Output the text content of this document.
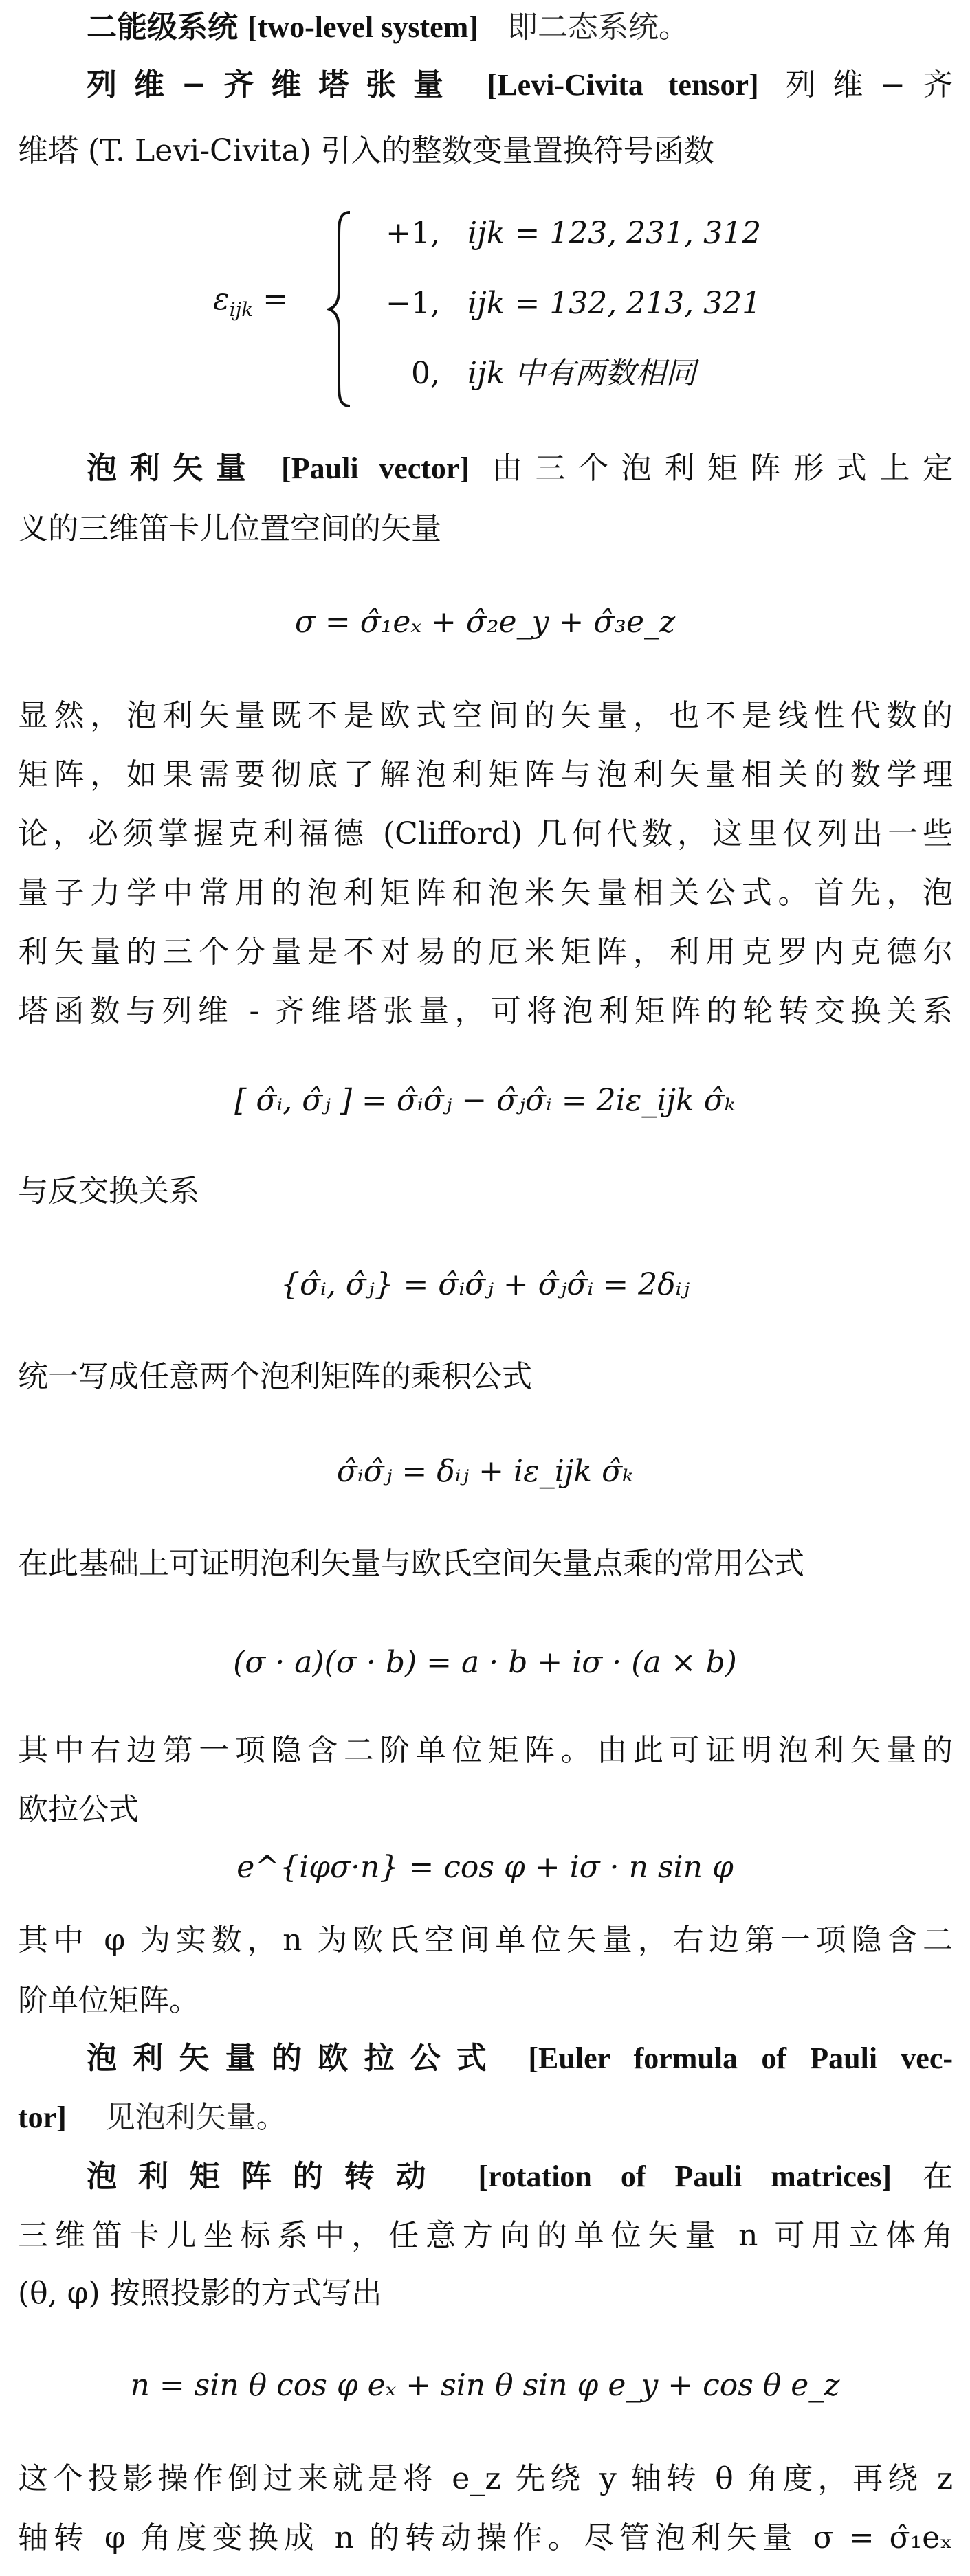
二能级系统 [two-level system] 即二态系统。
列维−齐维塔张量 [Levi-Civita tensor] 列维−齐
维塔 (T. Levi-Civita) 引入的整数变量置换符号函数
$\varepsilon_{ijk}$ =
+1, ijk = 123, 231, 312
−1, ijk = 132, 213, 321
0, ijk 中有两数相同
泡利矢量 [Pauli vector] 由三个泡利矩阵形式上定
义的三维笛卡儿位置空间的矢量
σ = σ̂₁eₓ + σ̂₂e_y + σ̂₃e_z
显然，泡利矢量既不是欧式空间的矢量，也不是线性代数的
矩阵，如果需要彻底了解泡利矩阵与泡利矢量相关的数学理
论，必须掌握克利福德 (Clifford) 几何代数，这里仅列出一些
量子力学中常用的泡利矩阵和泡米矢量相关公式。首先，泡
利矢量的三个分量是不对易的厄米矩阵，利用克罗内克德尔
塔函数与列维 - 齐维塔张量，可将泡利矩阵的轮转交换关系
[ σ̂ᵢ, σ̂ⱼ ] = σ̂ᵢσ̂ⱼ − σ̂ⱼσ̂ᵢ = 2iε_ijk σ̂ₖ
与反交换关系
{σ̂ᵢ, σ̂ⱼ} = σ̂ᵢσ̂ⱼ + σ̂ⱼσ̂ᵢ = 2δᵢⱼ
统一写成任意两个泡利矩阵的乘积公式
σ̂ᵢσ̂ⱼ = δᵢⱼ + iε_ijk σ̂ₖ
在此基础上可证明泡利矢量与欧氏空间矢量点乘的常用公式
(σ · a)(σ · b) = a · b + iσ · (a × b)
其中右边第一项隐含二阶单位矩阵。由此可证明泡利矢量的
欧拉公式
e^{iφσ·n} = cos φ + iσ · n sin φ
其中 φ 为实数，n 为欧氏空间单位矢量，右边第一项隐含二
阶单位矩阵。
泡利矢量的欧拉公式 [Euler formula of Pauli vec-
tor] 见泡利矢量。
泡利矩阵的转动 [rotation of Pauli matrices] 在
三维笛卡儿坐标系中，任意方向的单位矢量 n 可用立体角
(θ, φ) 按照投影的方式写出
n = sin θ cos φ eₓ + sin θ sin φ e_y + cos θ e_z
这个投影操作倒过来就是将 e_z 先绕 y 轴转 θ 角度，再绕 z
轴转 φ 角度变换成 n 的转动操作。尽管泡利矢量 σ = σ̂₁eₓ
